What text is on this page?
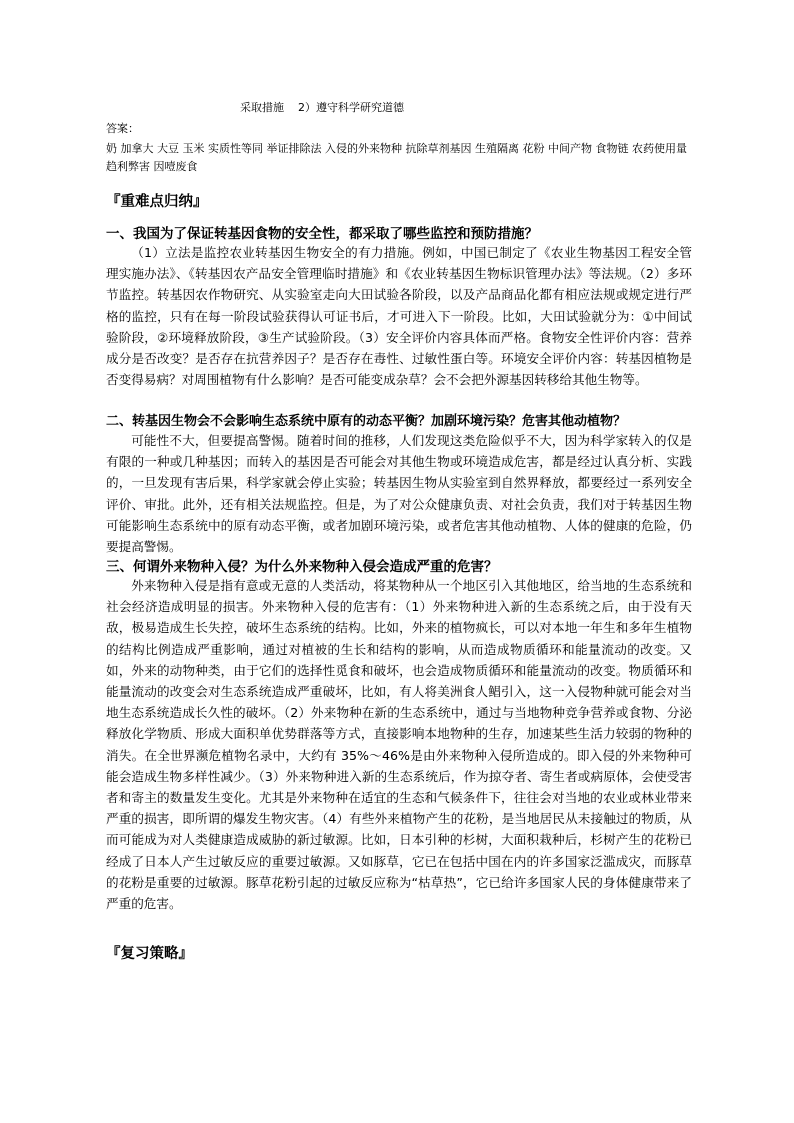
采取措施    2）遵守科学研究道德
答案：
奶 加拿大 大豆 玉米 实质性等同 举证排除法 入侵的外来物种 抗除草剂基因 生殖隔离 花粉 中间产物 食物链 农药使用量 趋利弊害 因噎废食
『重难点归纳』
一、我国为了保证转基因食物的安全性，都采取了哪些监控和预防措施？
（1）立法是监控农业转基因生物安全的有力措施。例如，中国已制定了《农业生物基因工程安全管理实施办法》、《转基因农产品安全管理临时措施》和《农业转基因生物标识管理办法》等法规。（2）多环节监控。转基因农作物研究、从实验室走向大田试验各阶段，以及产品商品化都有相应法规或规定进行严格的监控，只有在每一阶段试验获得认可证书后，才可进入下一阶段。比如，大田试验就分为：①中间试验阶段，②环境释放阶段，③生产试验阶段。（3）安全评价内容具体而严格。食物安全性评价内容：营养成分是否改变？是否存在抗营养因子？是否存在毒性、过敏性蛋白等。环境安全评价内容：转基因植物是否变得易病？对周围植物有什么影响？是否可能变成杂草？会不会把外源基因转移给其他生物等。
二、转基因生物会不会影响生态系统中原有的动态平衡？加剧环境污染？危害其他动植物？
可能性不大，但要提高警惕。随着时间的推移，人们发现这类危险似乎不大，因为科学家转入的仅是有限的一种或几种基因；而转入的基因是否可能会对其他生物或环境造成危害，都是经过认真分析、实践的，一旦发现有害后果，科学家就会停止实验；转基因生物从实验室到自然界释放，都要经过一系列安全评价、审批。此外，还有相关法规监控。但是，为了对公众健康负责、对社会负责，我们对于转基因生物可能影响生态系统中的原有动态平衡，或者加剧环境污染，或者危害其他动植物、人体的健康的危险，仍要提高警惕。
三、何谓外来物种入侵？为什么外来物种入侵会造成严重的危害？
外来物种入侵是指有意或无意的人类活动，将某物种从一个地区引入其他地区，给当地的生态系统和社会经济造成明显的损害。外来物种入侵的危害有：（1）外来物种进入新的生态系统之后，由于没有天敌，极易造成生长失控，破坏生态系统的结构。比如，外来的植物疯长，可以对本地一年生和多年生植物的结构比例造成严重影响，通过对植被的生长和结构的影响，从而造成物质循环和能量流动的改变。又如，外来的动物种类，由于它们的选择性觅食和破坏，也会造成物质循环和能量流动的改变。物质循环和能量流动的改变会对生态系统造成严重破坏，比如，有人将美洲食人鲳引入，这一入侵物种就可能会对当地生态系统造成长久性的破坏。（2）外来物种在新的生态系统中，通过与当地物种竞争营养或食物、分泌释放化学物质、形成大面积单优势群落等方式，直接影响本地物种的生存，加速某些生活力较弱的物种的消失。在全世界濒危植物名录中，大约有 35%～46%是由外来物种入侵所造成的。即入侵的外来物种可能会造成生物多样性减少。（3）外来物种进入新的生态系统后，作为掠夺者、寄生者或病原体，会使受害者和寄主的数量发生变化。尤其是外来物种在适宜的生态和气候条件下，往往会对当地的农业或林业带来严重的损害，即所谓的爆发生物灾害。（4）有些外来植物产生的花粉，是当地居民从未接触过的物质，从而可能成为对人类健康造成威胁的新过敏源。比如，日本引种的杉树，大面积栽种后，杉树产生的花粉已经成了日本人产生过敏反应的重要过敏源。又如豚草，它已在包括中国在内的许多国家泛滥成灾，而豚草的花粉是重要的过敏源。豚草花粉引起的过敏反应称为“枯草热”，它已给许多国家人民的身体健康带来了严重的危害。
『复习策略』
